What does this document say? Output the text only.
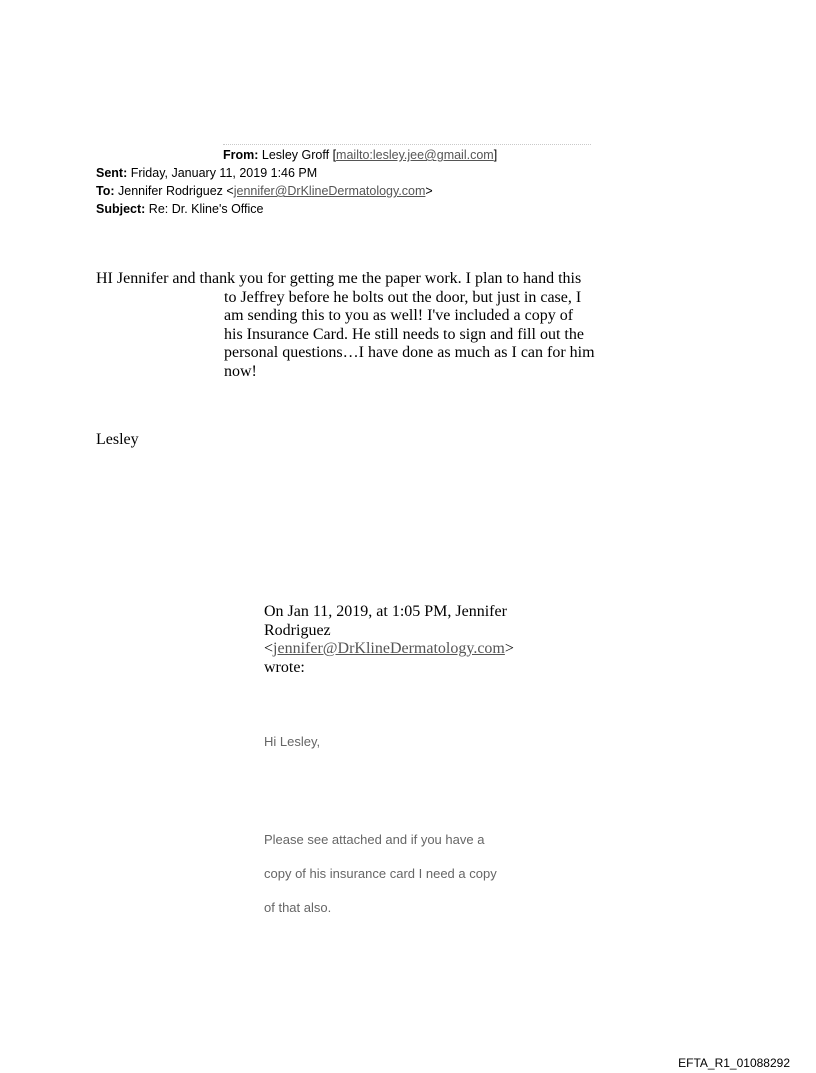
From: Lesley Groff [mailto:lesley.jee@gmail.com]
Sent: Friday, January 11, 2019 1:46 PM
To: Jennifer Rodriguez <jennifer@DrKlineDermatology.com>
Subject: Re: Dr. Kline's Office
HI Jennifer and thank you for getting me the paper work. I plan to hand this
to Jeffrey before he bolts out the door, but just in case, I
am sending this to you as well! I've included a copy of
his Insurance Card. He still needs to sign and fill out the
personal questions…I have done as much as I can for him
now!
Lesley
On Jan 11, 2019, at 1:05 PM, Jennifer
Rodriguez
<jennifer@DrKlineDermatology.com>
wrote:
Hi Lesley,
Please see attached and if you have a
copy of his insurance card I need a copy
of that also.
EFTA_R1_01088292
